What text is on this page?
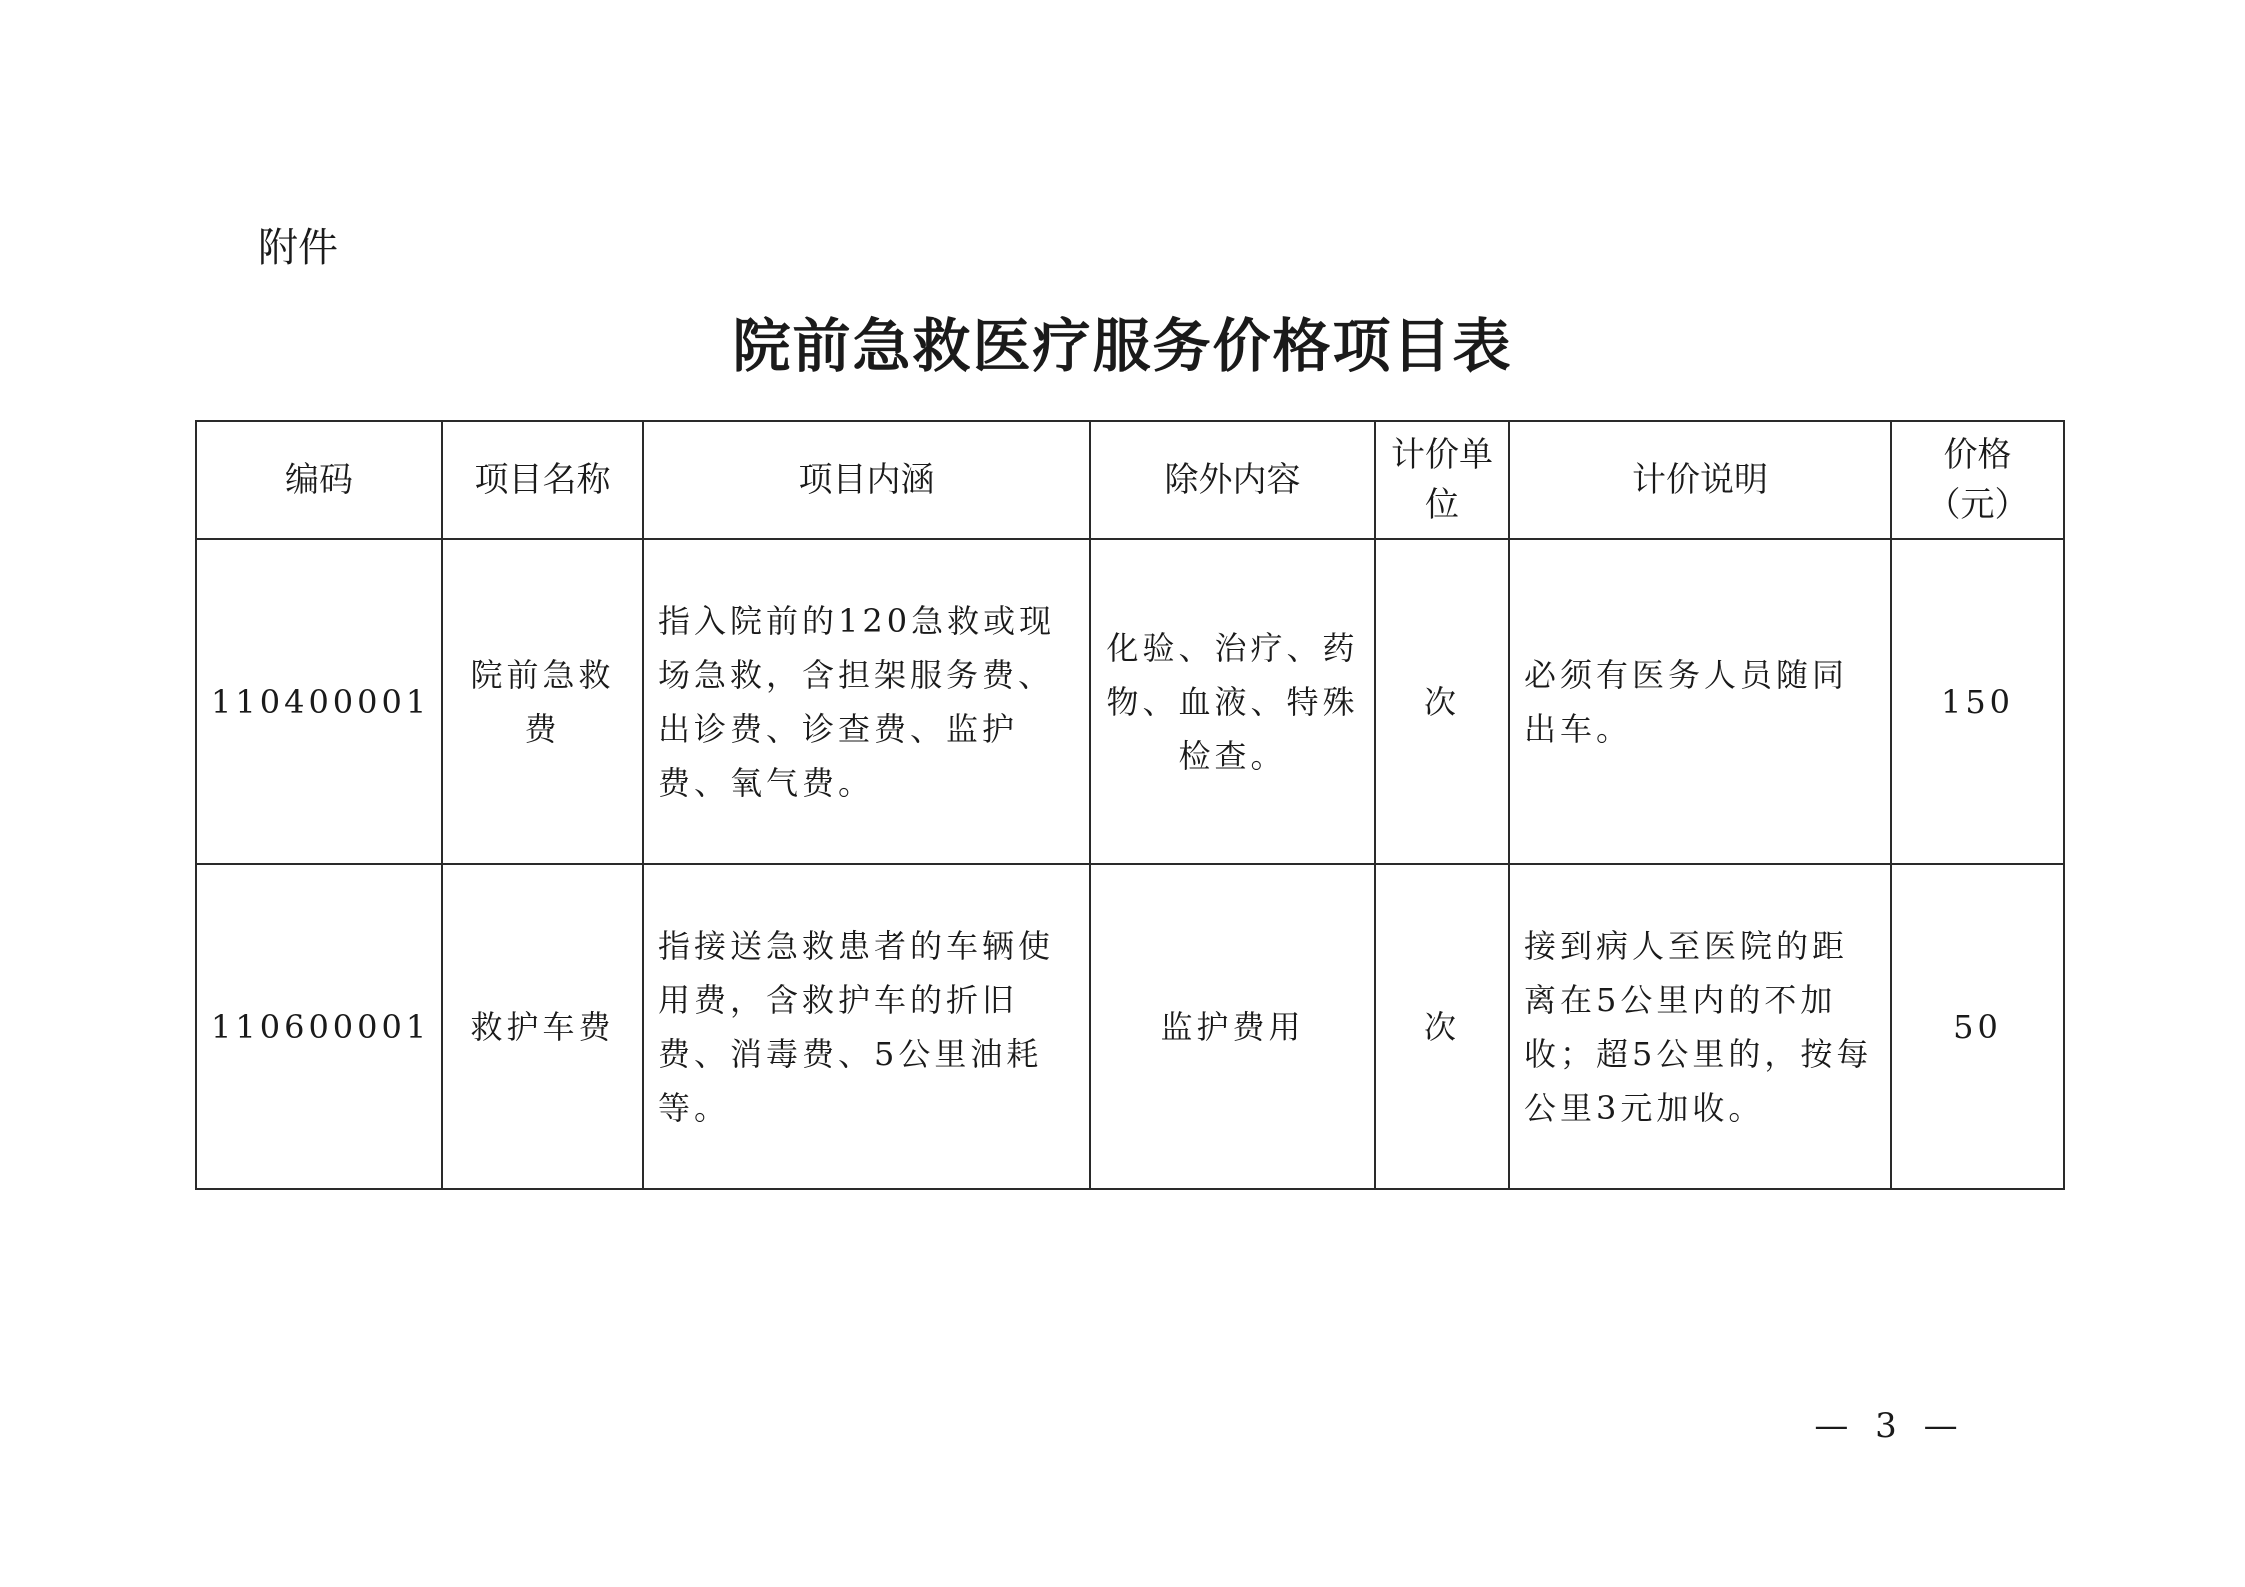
附件
院前急救医疗服务价格项目表
编码	项目名称	项目内涵	除外内容	计价单位	计价说明	价格（元）
110400001	院前急救费	指入院前的120急救或现场急救，含担架服务费、出诊费、诊查费、监护费、氧气费。	化验、治疗、药物、血液、特殊检查。	次	必须有医务人员随同出车。	150
110600001	救护车费	指接送急救患者的车辆使用费，含救护车的折旧费、消毒费、5公里油耗等。	监护费用	次	接到病人至医院的距离在5公里内的不加收；超5公里的，按每公里3元加收。	50
— 3 —
